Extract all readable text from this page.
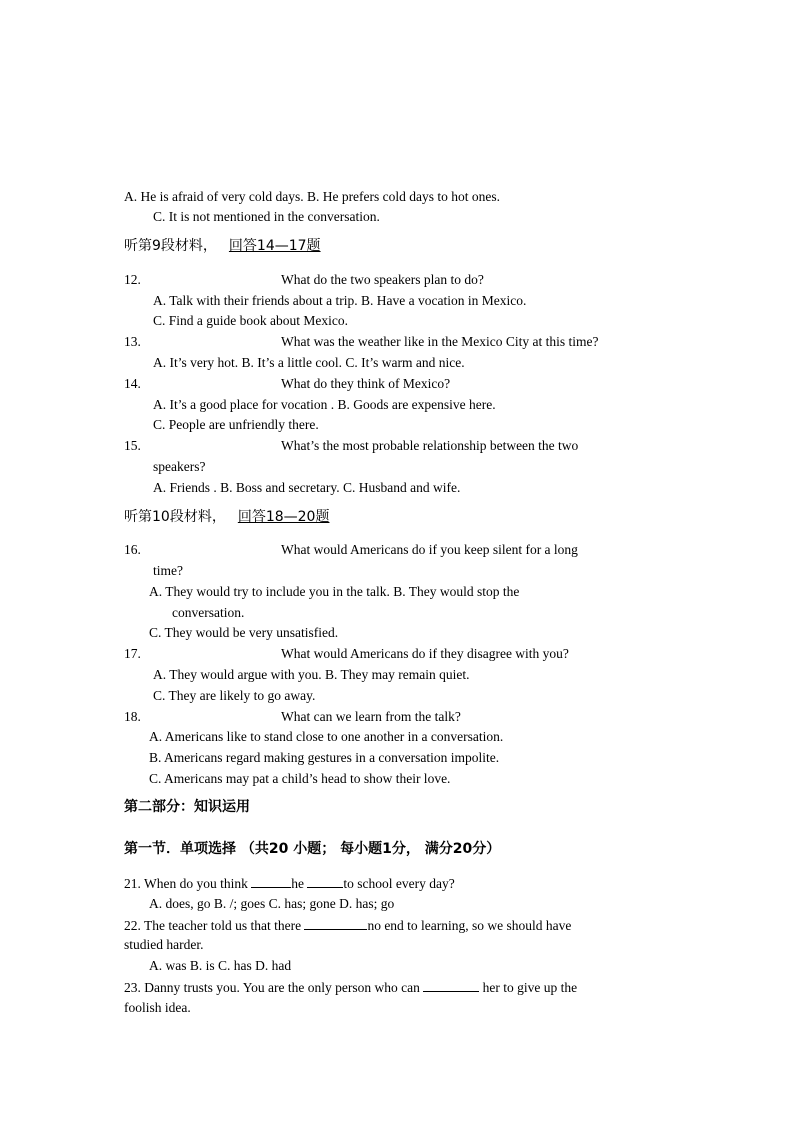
A. He is afraid of very cold days. B. He prefers cold days to hot ones.
C. It is not mentioned in the conversation.
听第9段材料， 回答14—17题
12.	What do the two speakers plan to do?
A. Talk with their friends about a trip. B. Have a vocation in Mexico.
C. Find a guide book about Mexico.
13.	What was the weather like in the Mexico City at this time?
A. It’s very hot. B. It’s a little cool. C. It’s warm and nice.
14.	What do they think of Mexico?
A. It’s a good place for vocation . B. Goods are expensive here.
C. People are unfriendly there.
15.	What’s the most probable relationship between the two
speakers?
A. Friends . B. Boss and secretary. C. Husband and wife.
听第10段材料， 回答18—20题
16.	What would Americans do if you keep silent for a long
time?
A. They would try to include you in the talk. B. They would stop the
conversation.
C. They would be very unsatisfied.
17.	What would Americans do if they disagree with you?
A. They would argue with you. B. They may remain quiet.
C. They are likely to go away.
18.	What can we learn from the talk?
A. Americans like to stand close to one another in a conversation.
B. Americans regard making gestures in a conversation impolite.
C. Americans may pat a child’s head to show their love.
第二部分：知识运用
第一节．单项选择 （共20 小题； 每小题1分， 满分20分）
21. When do you think	he	to school every day?
A. does, go B. /; goes C. has; gone D. has; go
22. The teacher told us that there	no end to learning, so we should have
studied harder.
A. was B. is C. has D. had
23. Danny trusts you. You are the only person who can	her to give up the
foolish idea.
